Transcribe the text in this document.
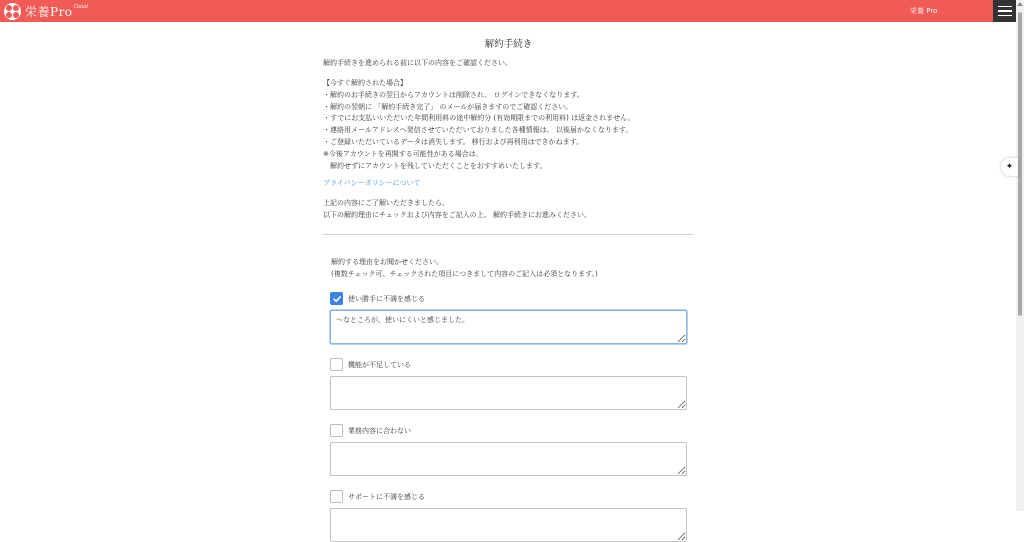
栄養Pro Cloud	栄養 Pro
✦
解約手続き
解約手続きを進められる前に以下の内容をご確認ください。
【今すぐ解約された場合】
・解約のお手続きの翌日からアカウントは削除され、 ログインできなくなります。
・解約の翌朝に 「解約手続き完了」 のメールが届きますのでご確認ください。
・すでにお支払いいただいた年間利用料の途中解約分 (有効期限までの利用料) は返金されません。
・連絡用メールアドレスへ発信させていただいておりました各種情報は、 以後届かなくなります。
・ご登録いただいているデータは消失します。 移行および再利用はできかねます。
※今後アカウントを再開する可能性がある場合は、
　解約せずにアカウントを残していただくことをおすすめいたします。
プライバシーポリシーについて
上記の内容にご了解いただきましたら、
以下の解約理由にチェックおよび内容をご記入の上、 解約手続きにお進みください。
解約する理由をお聞かせください。
(複数チェック可、チェックされた項目につきまして内容のご記入は必須となります。)
使い勝手に不満を感じる
〜なところが、使いにくいと感じました。
機能が不足している
業務内容に合わない
サポートに不満を感じる
